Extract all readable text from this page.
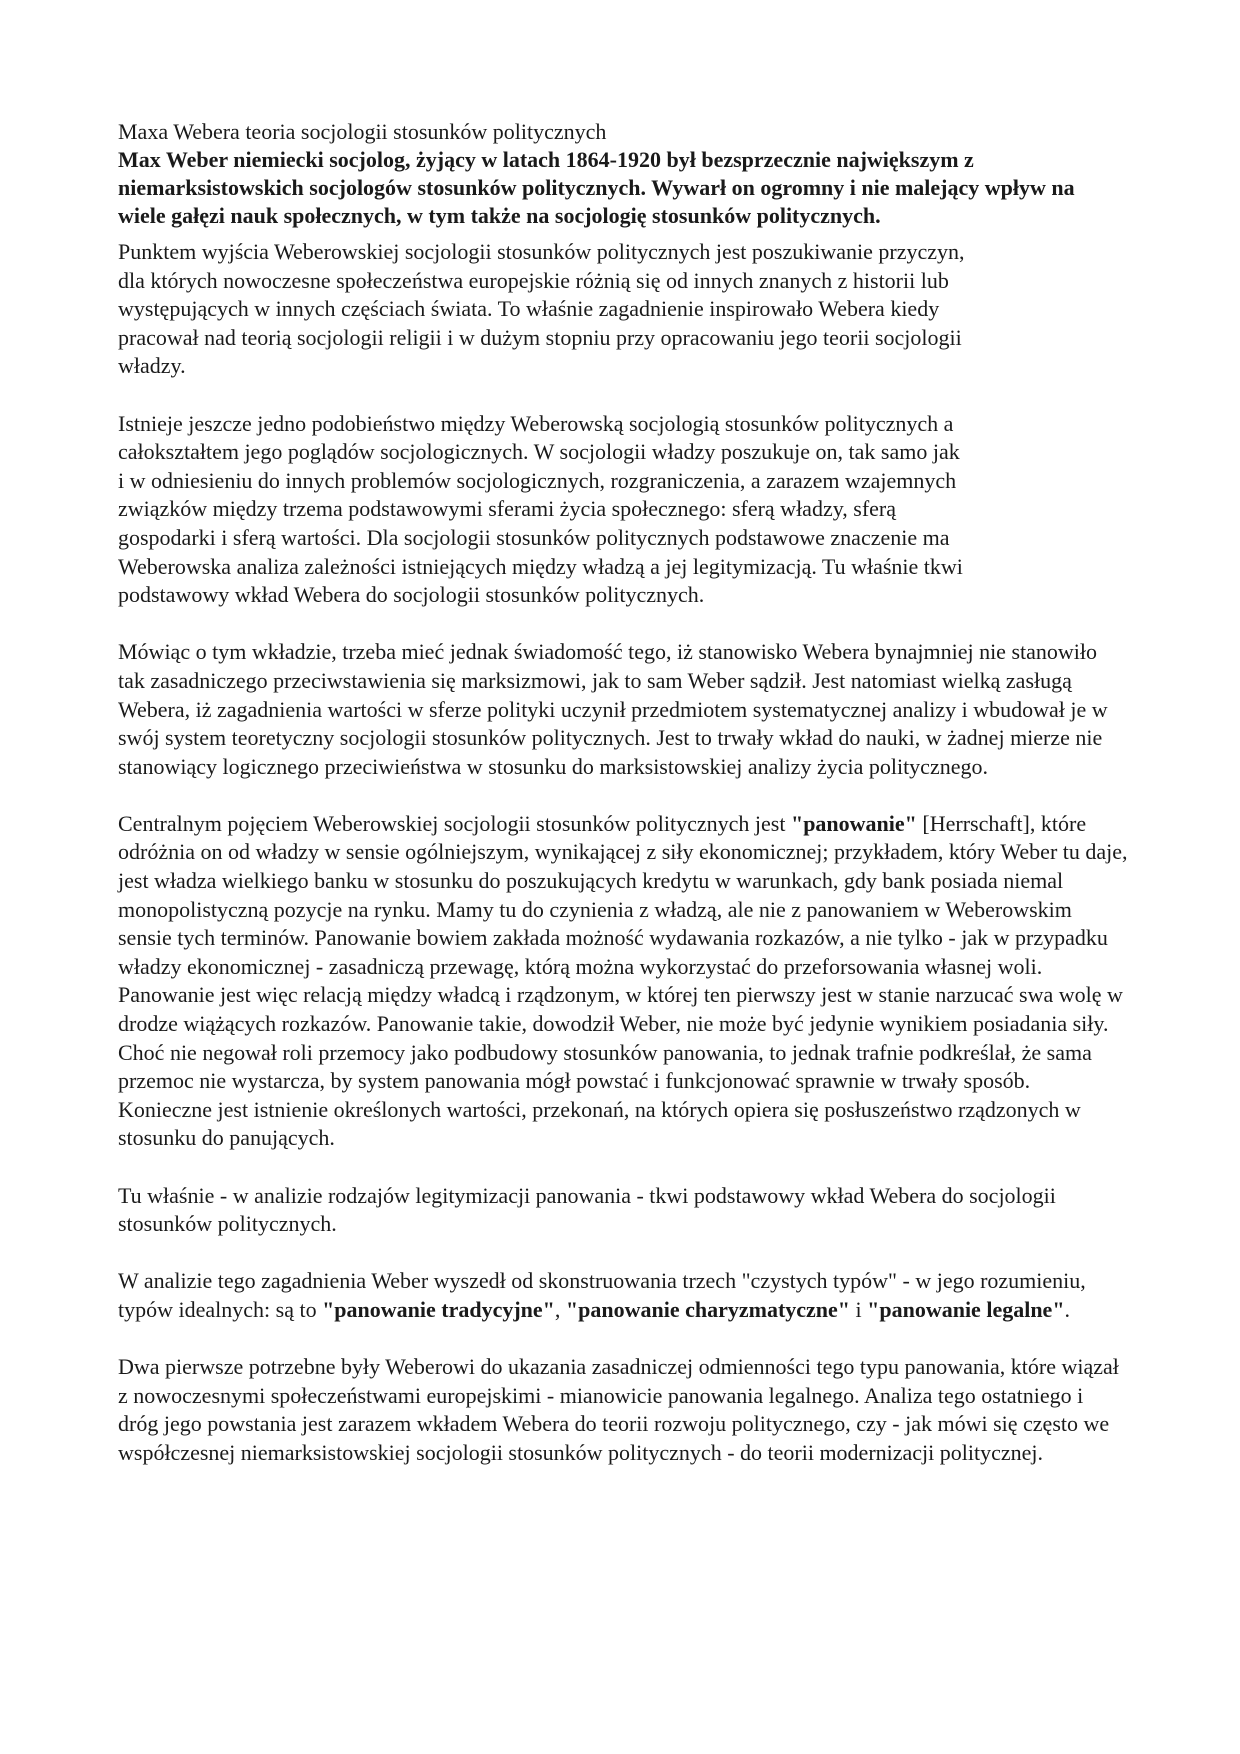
Maxa Webera teoria socjologii stosunków politycznych

Max Weber niemiecki socjolog, żyjący w latach 1864-1920 był bezsprzecznie największym z niemarksistowskich socjologów stosunków politycznych. Wywarł on ogromny i nie malejący wpływ na wiele gałęzi nauk społecznych, w tym także na socjologię stosunków politycznych.

Punktem wyjścia Weberowskiej socjologii stosunków politycznych jest poszukiwanie przyczyn, dla których nowoczesne społeczeństwa europejskie różnią się od innych znanych z historii lub występujących w innych częściach świata. To właśnie zagadnienie inspirowało Webera kiedy pracował nad teorią socjologii religii i w dużym stopniu przy opracowaniu jego teorii socjologii władzy.

Istnieje jeszcze jedno podobieństwo między Weberowską socjologią stosunków politycznych a całokształtem jego poglądów socjologicznych. W socjologii władzy poszukuje on, tak samo jak i w odniesieniu do innych problemów socjologicznych, rozgraniczenia, a zarazem wzajemnych związków między trzema podstawowymi sferami życia społecznego: sferą władzy, sferą gospodarki i sferą wartości. Dla socjologii stosunków politycznych podstawowe znaczenie ma Weberowska analiza zależności istniejących między władzą a jej legitymizacją. Tu właśnie tkwi podstawowy wkład Webera do socjologii stosunków politycznych.

Mówiąc o tym wkładzie, trzeba mieć jednak świadomość tego, iż stanowisko Webera bynajmniej nie stanowiło tak zasadniczego przeciwstawienia się marksizmowi, jak to sam Weber sądził. Jest natomiast wielką zasługą Webera, iż zagadnienia wartości w sferze polityki uczynił przedmiotem systematycznej analizy i wbudował je w swój system teoretyczny socjologii stosunków politycznych. Jest to trwały wkład do nauki, w żadnej mierze nie stanowiący logicznego przeciwieństwa w stosunku do marksistowskiej analizy życia politycznego.

Centralnym pojęciem Weberowskiej socjologii stosunków politycznych jest "panowanie" [Herrschaft], które odróżnia on od władzy w sensie ogólniejszym, wynikającej z siły ekonomicznej; przykładem, który Weber tu daje, jest władza wielkiego banku w stosunku do poszukujących kredytu w warunkach, gdy bank posiada niemal monopolistyczną pozycje na rynku. Mamy tu do czynienia z władzą, ale nie z panowaniem w Weberowskim sensie tych terminów. Panowanie bowiem zakłada możność wydawania rozkazów, a nie tylko - jak w przypadku władzy ekonomicznej - zasadniczą przewagę, którą można wykorzystać do przeforsowania własnej woli. Panowanie jest więc relacją między władcą i rządzonym, w której ten pierwszy jest w stanie narzucać swa wolę w drodze wiążących rozkazów. Panowanie takie, dowodził Weber, nie może być jedynie wynikiem posiadania siły. Choć nie negował roli przemocy jako podbudowy stosunków panowania, to jednak trafnie podkreślał, że sama przemoc nie wystarcza, by system panowania mógł powstać i funkcjonować sprawnie w trwały sposób. Konieczne jest istnienie określonych wartości, przekonań, na których opiera się posłuszeństwo rządzonych w stosunku do panujących.

Tu właśnie - w analizie rodzajów legitymizacji panowania - tkwi podstawowy wkład Webera do socjologii stosunków politycznych.

W analizie tego zagadnienia Weber wyszedł od skonstruowania trzech "czystych typów" - w jego rozumieniu, typów idealnych: są to "panowanie tradycyjne", "panowanie charyzmatyczne" i "panowanie legalne".

Dwa pierwsze potrzebne były Weberowi do ukazania zasadniczej odmienności tego typu panowania, które wiązał z nowoczesnymi społeczeństwami europejskimi - mianowicie panowania legalnego. Analiza tego ostatniego i dróg jego powstania jest zarazem wkładem Webera do teorii rozwoju politycznego, czy - jak mówi się często we współczesnej niemarksistowskiej socjologii stosunków politycznych - do teorii modernizacji politycznej.
